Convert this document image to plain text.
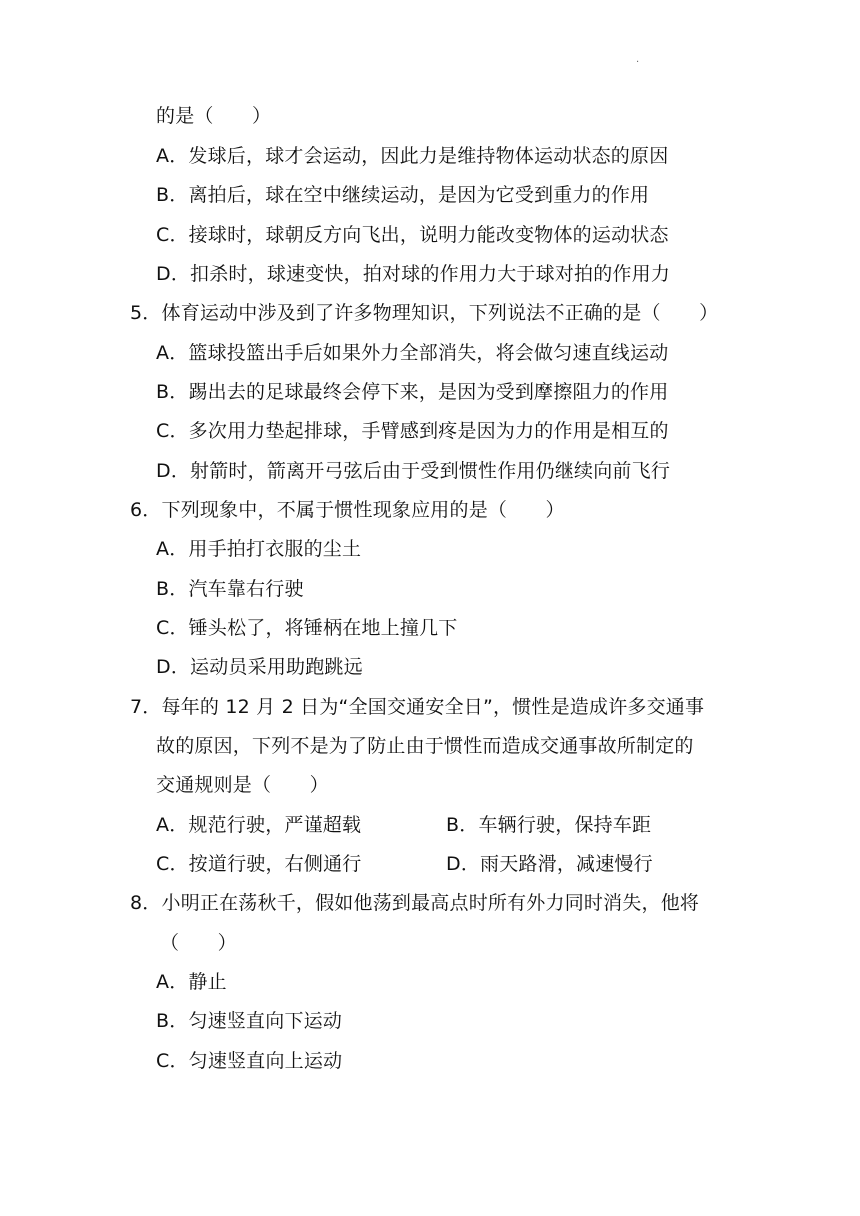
.
的是（　　）
A．发球后，球才会运动，因此力是维持物体运动状态的原因
B．离拍后，球在空中继续运动，是因为它受到重力的作用
C．接球时，球朝反方向飞出，说明力能改变物体的运动状态
D．扣杀时，球速变快，拍对球的作用力大于球对拍的作用力
5．体育运动中涉及到了许多物理知识，下列说法不正确的是（　　）
A．篮球投篮出手后如果外力全部消失，将会做匀速直线运动
B．踢出去的足球最终会停下来，是因为受到摩擦阻力的作用
C．多次用力垫起排球，手臂感到疼是因为力的作用是相互的
D．射箭时，箭离开弓弦后由于受到惯性作用仍继续向前飞行
6．下列现象中，不属于惯性现象应用的是（　　）
A．用手拍打衣服的尘土
B．汽车靠右行驶
C．锤头松了，将锤柄在地上撞几下
D．运动员采用助跑跳远
7．每年的 12 月 2 日为“全国交通安全日”，惯性是造成许多交通事
故的原因，下列不是为了防止由于惯性而造成交通事故所制定的
交通规则是（　　）
A．规范行驶，严谨超载	B．车辆行驶，保持车距
C．按道行驶，右侧通行	D．雨天路滑，减速慢行
8．小明正在荡秋千，假如他荡到最高点时所有外力同时消失，他将
（　　）
A．静止
B．匀速竖直向下运动
C．匀速竖直向上运动
